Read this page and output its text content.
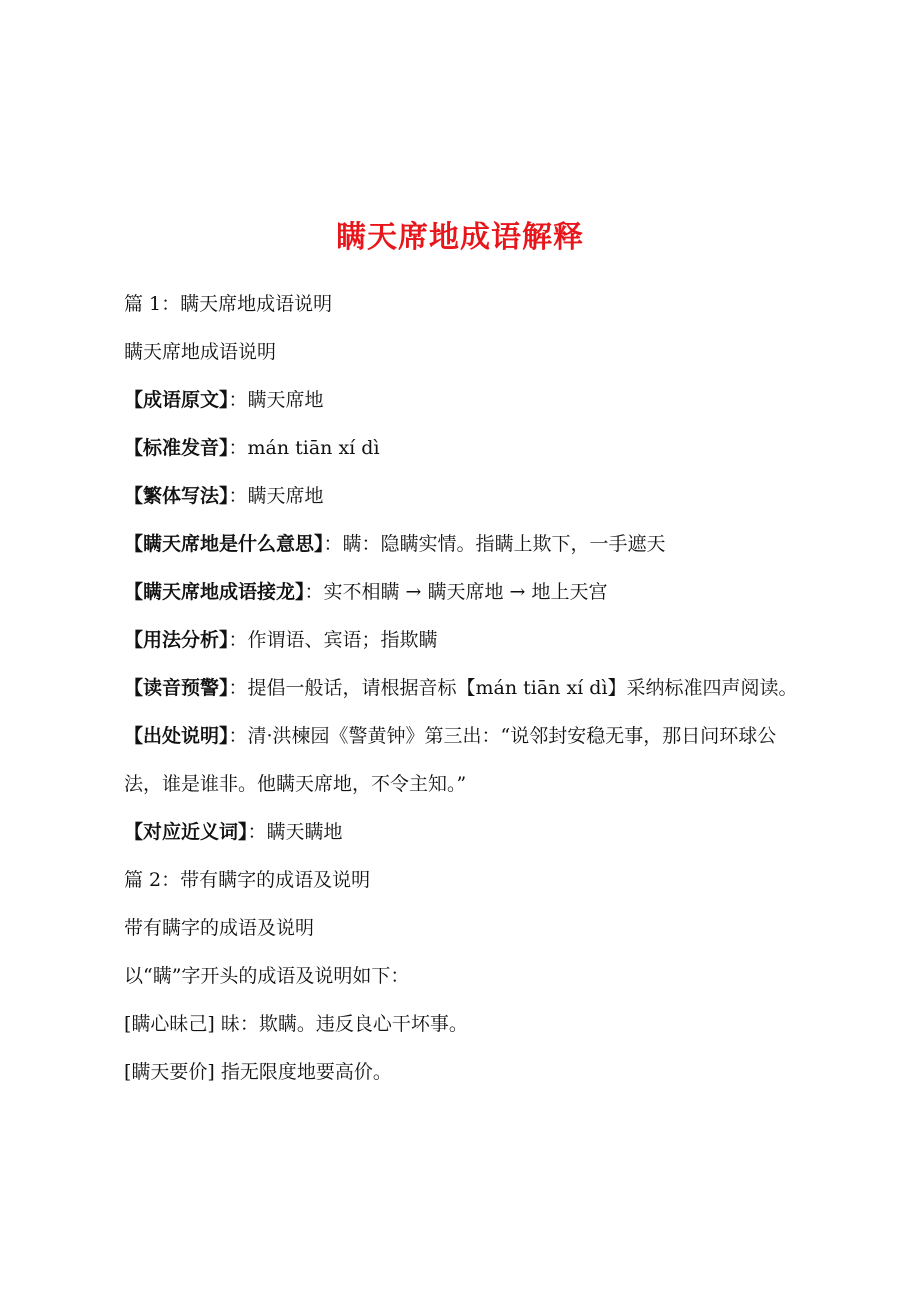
瞒天席地成语解释

篇 1：瞒天席地成语说明

瞒天席地成语说明

【成语原文】：瞒天席地

【标准发音】：mán tiān xí dì

【繁体写法】：瞒天席地

【瞒天席地是什么意思】：瞒：隐瞒实情。指瞒上欺下，一手遮天

【瞒天席地成语接龙】：实不相瞒 → 瞒天席地 → 地上天宫

【用法分析】：作谓语、宾语；指欺瞒

【读音预警】：提倡一般话，请根据音标【mán tiān xí dì】采纳标准四声阅读。

【出处说明】：清·洪楝园《警黄钟》第三出：“说邻封安稳无事，那日问环球公法，谁是谁非。他瞒天席地，不令主知。”

【对应近义词】：瞒天瞒地

篇 2：带有瞒字的成语及说明

带有瞒字的成语及说明

以“瞒”字开头的成语及说明如下：

[瞒心昧己] 昧：欺瞒。违反良心干坏事。

[瞒天要价] 指无限度地要高价。
